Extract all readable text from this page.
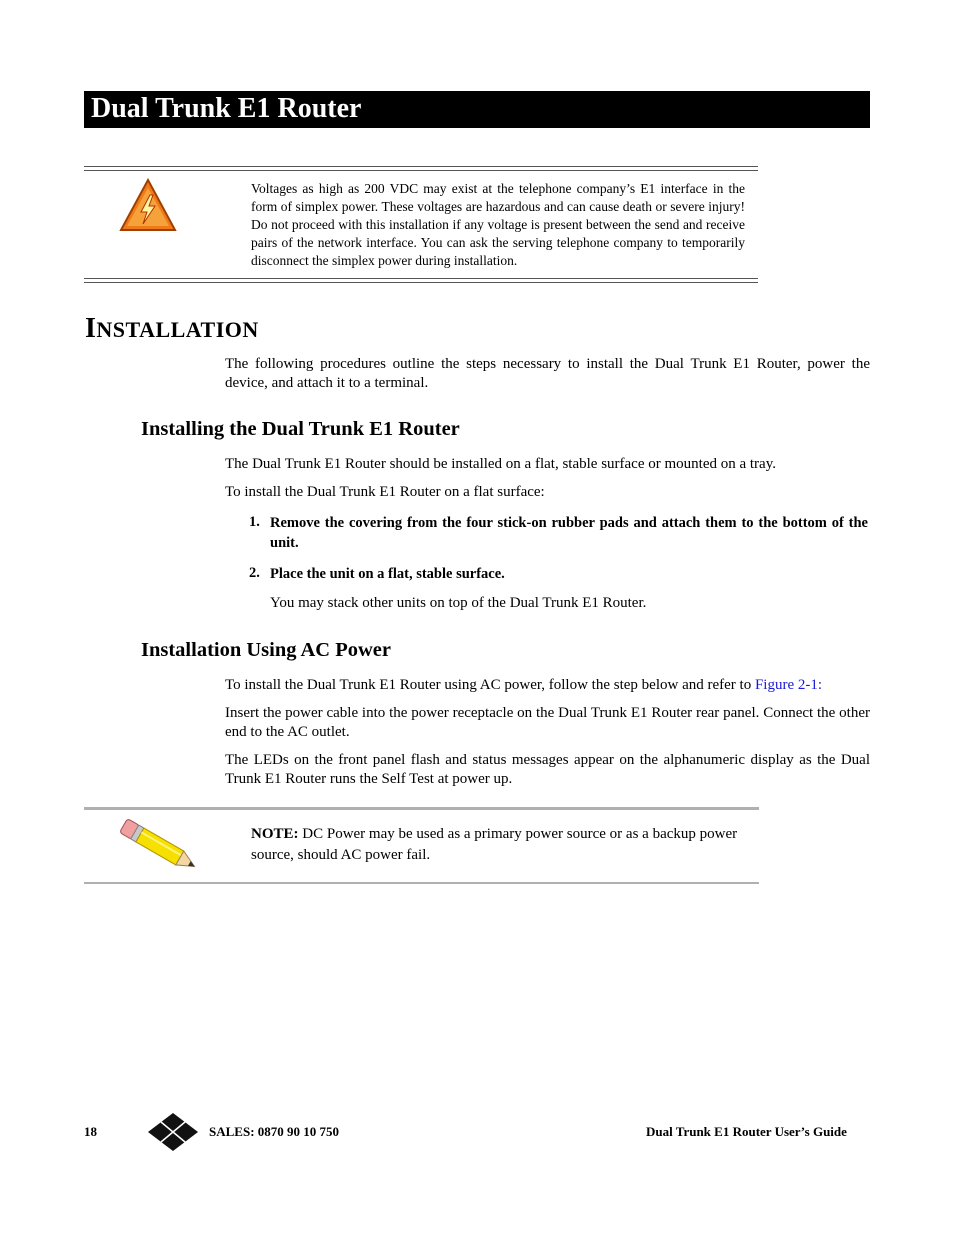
Dual Trunk E1 Router
Voltages as high as 200 VDC may exist at the telephone company’s E1 interface in the form of simplex power. These voltages are hazardous and can cause death or severe injury! Do not proceed with this installation if any voltage is present between the send and receive pairs of the network interface. You can ask the serving telephone company to temporarily disconnect the simplex power during installation.
INSTALLATION
The following procedures outline the steps necessary to install the Dual Trunk E1 Router, power the device, and attach it to a terminal.
Installing the Dual Trunk E1 Router
The Dual Trunk E1 Router should be installed on a flat, stable surface or mounted on a tray.
To install the Dual Trunk E1 Router on a flat surface:
1. Remove the covering from the four stick-on rubber pads and attach them to the bottom of the unit.
2. Place the unit on a flat, stable surface.
You may stack other units on top of the Dual Trunk E1 Router.
Installation Using AC Power
To install the Dual Trunk E1 Router using AC power, follow the step below and refer to Figure 2-1:
Insert the power cable into the power receptacle on the Dual Trunk E1 Router rear panel. Connect the other end to the AC outlet.
The LEDs on the front panel flash and status messages appear on the alphanumeric display as the Dual Trunk E1 Router runs the Self Test at power up.
NOTE: DC Power may be used as a primary power source or as a backup power source, should AC power fail.
18	SALES: 0870 90 10 750	Dual Trunk E1 Router User’s Guide
